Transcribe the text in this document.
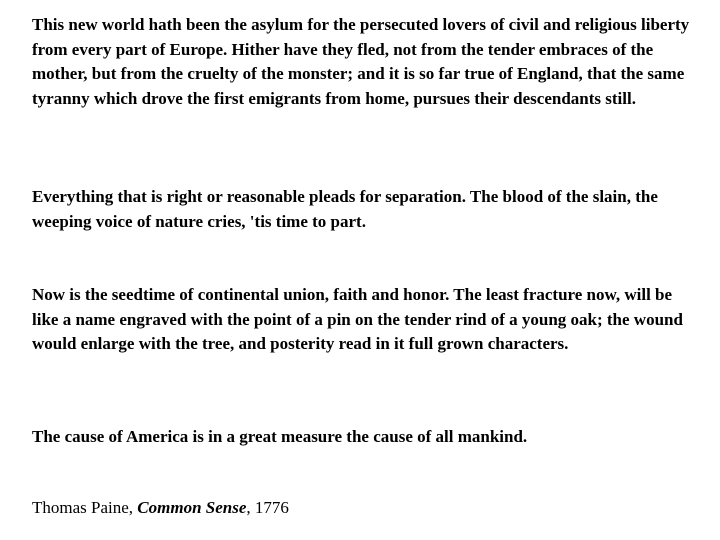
This new world hath been the asylum for the persecuted lovers of civil and religious liberty from every part of Europe. Hither have they fled, not from the tender embraces of the mother, but from the cruelty of the monster; and it is so far true of England, that the same tyranny which drove the first emigrants from home, pursues their descendants still.

Everything that is right or reasonable pleads for separation. The blood of the slain, the weeping voice of nature cries, 'tis time to part.

Now is the seedtime of continental union, faith and honor. The least fracture now, will be like a name engraved with the point of a pin on the tender rind of a young oak; the wound would enlarge with the tree, and posterity read in it full grown characters.

The cause of America is in a great measure the cause of all mankind.

Thomas Paine, Common Sense, 1776
